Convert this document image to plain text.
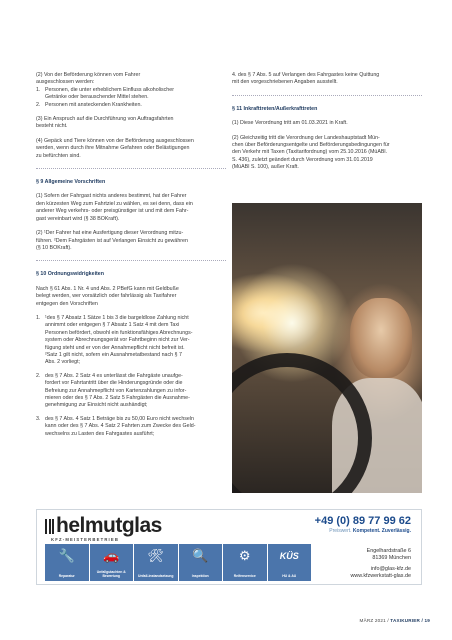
(2) Von der Beförderung können vom Fahrer
ausgeschlossen werden:
1. Personen, die unter erheblichem Einfluss alkoholischer
Getränke oder berauschender Mittel stehen.
2. Personen mit ansteckenden Krankheiten.
(3) Ein Anspruch auf die Durchführung von Auftragsfahrten
besteht nicht.
(4) Gepäck und Tiere können von der Beförderung ausgeschlossen
werden, wenn durch ihre Mitnahme Gefahren oder Belästigungen
zu befürchten sind.
§ 9 Allgemeine Vorschriften
(1) Sofern der Fahrgast nichts anderes bestimmt, hat der Fahrer
den kürzesten Weg zum Fahrtziel zu wählen, es sei denn, dass ein
anderer Weg verkehrs- oder preisgünstiger ist und mit dem Fahr-
gast vereinbart wird (§ 38 BOKraft).
(2) ¹Der Fahrer hat eine Ausfertigung dieser Verordnung mitzu-
führen. ²Dem Fahrgästen ist auf Verlangen Einsicht zu gewähren
(§ 10 BOKraft).
§ 10 Ordnungswidrigkeiten
Nach § 61 Abs. 1 Nr. 4 und Abs. 2 PBefG kann mit Geldbuße
belegt werden, wer vorsätzlich oder fahrlässig als Taxifahrer
entgegen den Vorschriften
1. ¹des § 7 Absatz 1 Sätze 1 bis 3 die bargeldlose Zahlung nicht
annimmt oder entgegen § 7 Absatz 1 Satz 4 mit dem Taxi
Personen befördert, obwohl ein funktionsfähiges Abrechnungs-
system oder Abrechnungsgerät vor Fahrtbeginn nicht zur Ver-
fügung steht und er von der Annahmepflicht nicht befreit ist.
²Satz 1 gilt nicht, sofern ein Ausnahmetatbestand nach § 7
Abs. 2 vorliegt;
2. des § 7 Abs. 2 Satz 4 es unterlässt die Fahrgäste unaufge-
fordert vor Fahrtantritt über die Hinderungsgründe oder die
Befreiung zur Annahmepflicht von Kartenzahlungen zu infor-
mieren oder des § 7 Abs. 2 Satz 5 Fahrgästen die Ausnahme-
genehmigung zur Einsicht nicht aushändigt;
3. des § 7 Abs. 4 Satz 1 Beträge bis zu 50,00 Euro nicht wechseln
kann oder des § 7 Abs. 4 Satz 2 Fahrten zum Zwecke des Geld-
wechselns zu Lasten des Fahrgastes ausführt;
4. des § 7 Abs. 5 auf Verlangen des Fahrgastes keine Quittung
mit den vorgeschriebenen Angaben ausstellt.
§ 11 Inkrafttreten/Außerkrafttreten
(1) Diese Verordnung tritt am 01.03.2021 in Kraft.
(2) Gleichzeitig tritt die Verordnung der Landeshauptstadt Mün-
chen über Beförderungsentgelte und Beförderungsbedingungen für
den Verkehr mit Taxen (Taxitarifordnung) vom 25.10.2016 (MüABl.
S. 436), zuletzt geändert durch Verordnung vom 31.01.2019
(MüABl S. 100), außer Kraft.
helmutglas
KFZ-MEISTERBETRIEB
+49 (0) 89 77 99 62
Preiswert. Kompetent. Zuverlässig.
🔧
Reparatur
🚗
Unfallgutachten & Bewertung
🛠
Unfall-instandsetzung
🔍
Inspektion
⚙
Reifenservice
KÜS
HU & AU
Engelhardstraße 6
81369 München
info@glas-kfz.de
www.kfzwerkstatt-glas.de
MÄRZ 2021 / TAXIKURIER / 19
